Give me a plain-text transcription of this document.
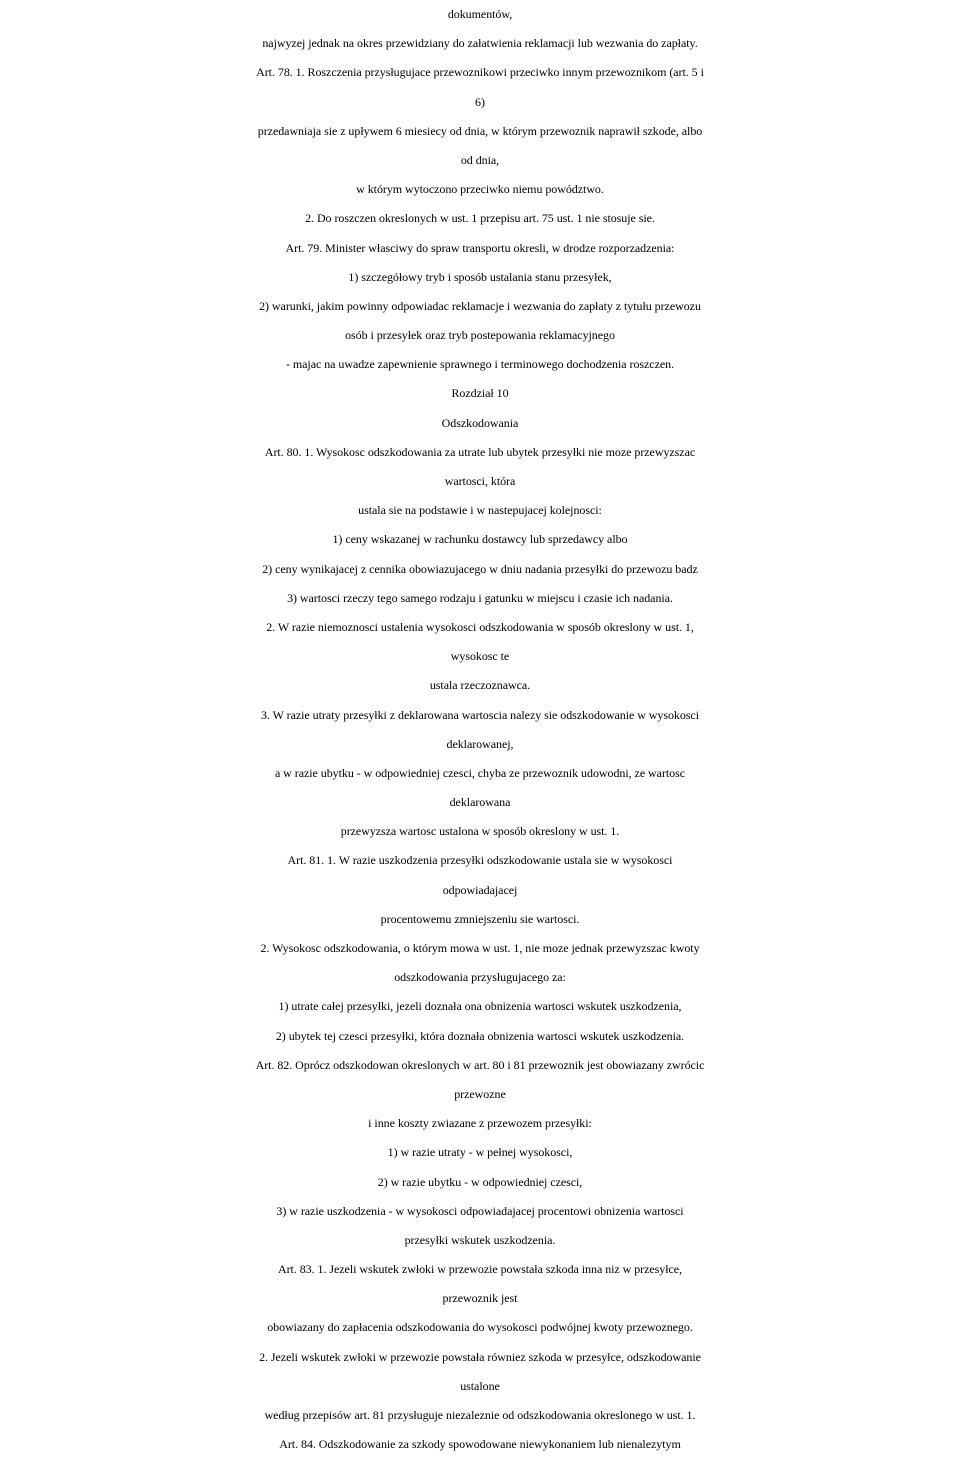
dokumentów,
najwyzej jednak na okres przewidziany do załatwienia reklamacji lub wezwania do zapłaty.
Art. 78. 1. Roszczenia przysługujace przewoznikowi przeciwko innym przewoznikom (art. 5 i
6)
przedawniaja sie z upływem 6 miesiecy od dnia, w którym przewoznik naprawił szkode, albo
od dnia,
w którym wytoczono przeciwko niemu powództwo.
2. Do roszczen okreslonych w ust. 1 przepisu art. 75 ust. 1 nie stosuje sie.
Art. 79. Minister własciwy do spraw transportu okresli, w drodze rozporzadzenia:
1) szczegółowy tryb i sposób ustalania stanu przesyłek,
2) warunki, jakim powinny odpowiadac reklamacje i wezwania do zapłaty z tytułu przewozu
osób i przesyłek oraz tryb postepowania reklamacyjnego
- majac na uwadze zapewnienie sprawnego i terminowego dochodzenia roszczen.
Rozdział 10
Odszkodowania
Art. 80. 1. Wysokosc odszkodowania za utrate lub ubytek przesyłki nie moze przewyzszac
wartosci, która
ustala sie na podstawie i w nastepujacej kolejnosci:
1) ceny wskazanej w rachunku dostawcy lub sprzedawcy albo
2) ceny wynikajacej z cennika obowiazujacego w dniu nadania przesyłki do przewozu badz
3) wartosci rzeczy tego samego rodzaju i gatunku w miejscu i czasie ich nadania.
2. W razie niemoznosci ustalenia wysokosci odszkodowania w sposób okreslony w ust. 1,
wysokosc te
ustala rzeczoznawca.
3. W razie utraty przesyłki z deklarowana wartoscia nalezy sie odszkodowanie w wysokosci
deklarowanej,
a w razie ubytku - w odpowiedniej czesci, chyba ze przewoznik udowodni, ze wartosc
deklarowana
przewyzsza wartosc ustalona w sposób okreslony w ust. 1.
Art. 81. 1. W razie uszkodzenia przesyłki odszkodowanie ustala sie w wysokosci
odpowiadajacej
procentowemu zmniejszeniu sie wartosci.
2. Wysokosc odszkodowania, o którym mowa w ust. 1, nie moze jednak przewyzszac kwoty
odszkodowania przysługujacego za:
1) utrate całej przesyłki, jezeli doznała ona obnizenia wartosci wskutek uszkodzenia,
2) ubytek tej czesci przesyłki, która doznała obnizenia wartosci wskutek uszkodzenia.
Art. 82. Oprócz odszkodowan okreslonych w art. 80 i 81 przewoznik jest obowiazany zwrócic
przewozne
i inne koszty zwiazane z przewozem przesyłki:
1) w razie utraty - w pełnej wysokosci,
2) w razie ubytku - w odpowiedniej czesci,
3) w razie uszkodzenia - w wysokosci odpowiadajacej procentowi obnizenia wartosci
przesyłki wskutek uszkodzenia.
Art. 83. 1. Jezeli wskutek zwłoki w przewozie powstała szkoda inna niz w przesyłce,
przewoznik jest
obowiazany do zapłacenia odszkodowania do wysokosci podwójnej kwoty przewoznego.
2. Jezeli wskutek zwłoki w przewozie powstała równiez szkoda w przesyłce, odszkodowanie
ustalone
według przepisów art. 81 przysługuje niezaleznie od odszkodowania okreslonego w ust. 1.
Art. 84. Odszkodowanie za szkody spowodowane niewykonaniem lub nienalezytym
